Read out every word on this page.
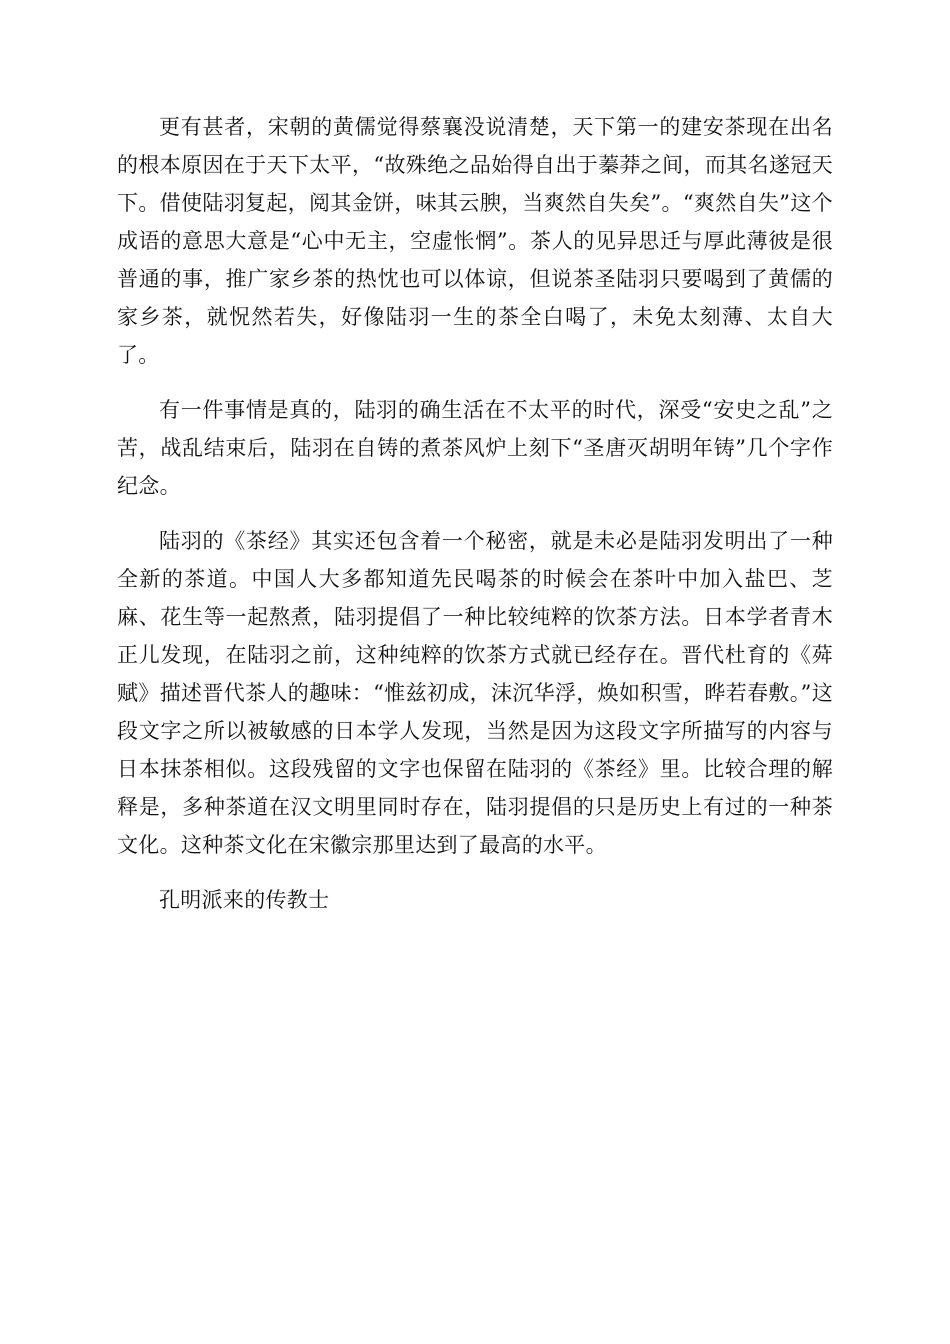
更有甚者，宋朝的黄儒觉得蔡襄没说清楚，天下第一的建安茶现在出名的根本原因在于天下太平，“故殊绝之品始得自出于蓁莽之间，而其名遂冠天下。借使陆羽复起，阅其金饼，味其云腴，当爽然自失矣”。“爽然自失”这个成语的意思大意是“心中无主，空虚怅惘”。茶人的见异思迁与厚此薄彼是很普通的事，推广家乡茶的热忱也可以体谅，但说茶圣陆羽只要喝到了黄儒的家乡茶，就怳然若失，好像陆羽一生的茶全白喝了，未免太刻薄、太自大了。

有一件事情是真的，陆羽的确生活在不太平的时代，深受“安史之乱”之苦，战乱结束后，陆羽在自铸的煮茶风炉上刻下“圣唐灭胡明年铸”几个字作纪念。

陆羽的《茶经》其实还包含着一个秘密，就是未必是陆羽发明出了一种全新的茶道。中国人大多都知道先民喝茶的时候会在茶叶中加入盐巴、芝麻、花生等一起熬煮，陆羽提倡了一种比较纯粹的饮茶方法。日本学者青木正儿发现，在陆羽之前，这种纯粹的饮茶方式就已经存在。晋代杜育的《荈赋》描述晋代茶人的趣味：“惟兹初成，沫沉华浮，焕如积雪，晔若春敷。”这段文字之所以被敏感的日本学人发现，当然是因为这段文字所描写的内容与日本抹茶相似。这段残留的文字也保留在陆羽的《茶经》里。比较合理的解释是，多种茶道在汉文明里同时存在，陆羽提倡的只是历史上有过的一种茶文化。这种茶文化在宋徽宗那里达到了最高的水平。

孔明派来的传教士
